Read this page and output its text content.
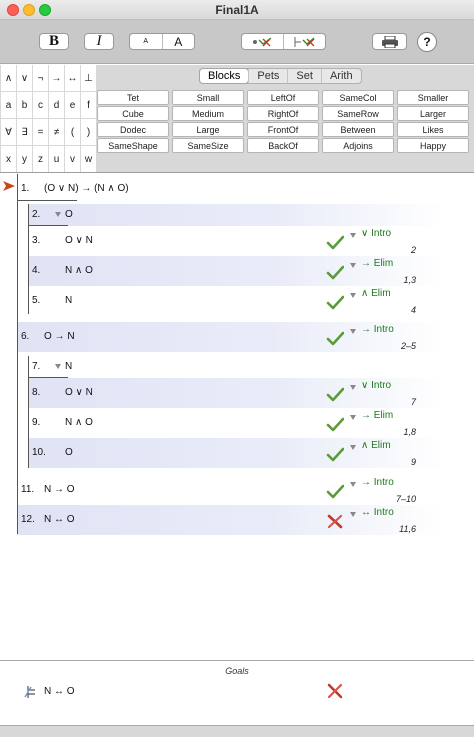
Final1A
B	I	A	A	?
∧ ∨ ¬ → ↔ ⊥
a	b	c	d	e	f
∀ ∃ =	≠	(	)
x	y	z	u	v w
Blocks	Pets	Set	Arith
Tet	Small	LeftOf	SameCol	Smaller
Cube	Medium	RightOf	SameRow	Larger
Dodec	Large	FrontOf	Between	Likes
SameShape	SameSize	BackOf	Adjoins	Happy
1. (O ∨ N) → (N ∧ O)
2.	O
3. O ∨ N
∨ Intro
2
4. N ∧ O
→ Elim
1,3
5. N
∧ Elim
4
6. O → N
→ Intro
2–5
7.	N
8. O ∨ N
∨ Intro
7
9. N ∧ O
→ Elim
1,8
10. O
∧ Elim
9
11. N → O
→ Intro
7–10
12. N ↔ O
↔ Intro
11,6
Goals
N ↔ O
